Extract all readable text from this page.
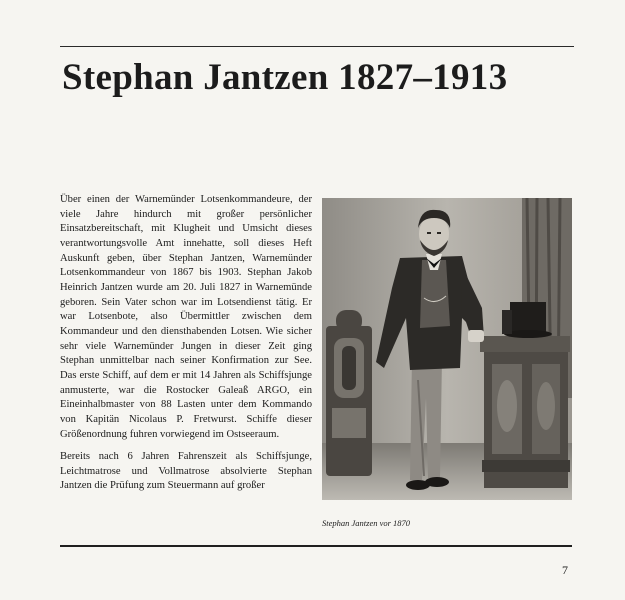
Stephan Jantzen 1827–1913

Über einen der Warnemünder Lotsenkommandeure, der viele Jahre hindurch mit großer persönlicher Einsatzbereitschaft, mit Klugheit und Umsicht dieses verantwortungsvolle Amt innehatte, soll dieses Heft Auskunft geben, über Stephan Jantzen, Warnemünder Lotsenkommandeur von 1867 bis 1903. Stephan Jakob Heinrich Jantzen wurde am 20. Juli 1827 in Warnemünde geboren. Sein Vater schon war im Lotsendienst tätig. Er war Lotsenbote, also Übermittler zwischen dem Kommandeur und den diensthabenden Lotsen. Wie sicher sehr viele Warnemünder Jungen in dieser Zeit ging Stephan unmittelbar nach seiner Konfirmation zur See. Das erste Schiff, auf dem er mit 14 Jahren als Schiffsjunge anmusterte, war die Rostocker Galeaß ARGO, ein Eineinhalbmaster von 88 Lasten unter dem Kommando von Kapitän Nicolaus P. Fretwurst. Schiffe dieser Größenordnung fuhren vorwiegend im Ostseeraum.

Bereits nach 6 Jahren Fahrenszeit als Schiffsjunge, Leichtmatrose und Vollmatrose absolvierte Stephan Jantzen die Prüfung zum Steuermann auf großer

Stephan Jantzen vor 1870
7
